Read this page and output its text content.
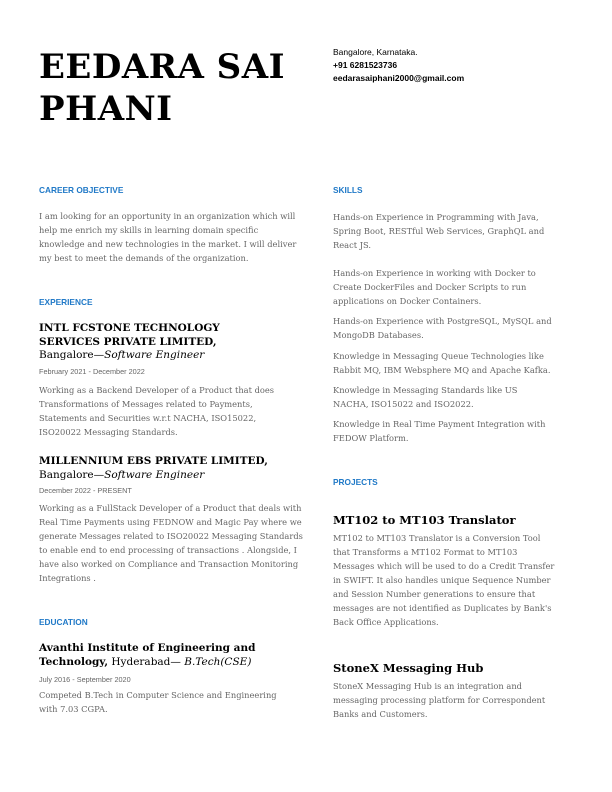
EEDARA SAI
PHANI
Bangalore, Karnataka.
+91 6281523736
eedarasaiphani2000@gmail.com
CAREER OBJECTIVE
I am looking for an opportunity in an organization which will help me enrich my skills in learning domain specific knowledge and new technologies in the market. I will deliver my best to meet the demands of the organization.
EXPERIENCE
INTL FCSTONE TECHNOLOGY SERVICES PRIVATE LIMITED, Bangalore—Software Engineer
February 2021 - December 2022
Working as a Backend Developer of a Product that does Transformations of Messages related to Payments, Statements and Securities w.r.t NACHA, ISO15022, ISO20022 Messaging Standards.
MILLENNIUM EBS PRIVATE LIMITED, Bangalore—Software Engineer
December 2022 - PRESENT
Working as a FullStack Developer of a Product that deals with Real Time Payments using FEDNOW and Magic Pay where we generate Messages related to ISO20022 Messaging Standards to enable end to end processing of transactions . Alongside, I have also worked on Compliance and Transaction Monitoring Integrations .
EDUCATION
Avanthi Institute of Engineering and Technology, Hyderabad— B.Tech(CSE)
July 2016 - September 2020
Competed B.Tech in Computer Science and Engineering with 7.03 CGPA.
SKILLS
Hands-on Experience in Programming with Java, Spring Boot, RESTful Web Services, GraphQL and React JS.
Hands-on Experience in working with Docker to Create DockerFiles and Docker Scripts to run applications on Docker Containers.
Hands-on Experience with PostgreSQL, MySQL and MongoDB Databases.
Knowledge in Messaging Queue Technologies like Rabbit MQ, IBM Websphere MQ and Apache Kafka.
Knowledge in Messaging Standards like US NACHA, ISO15022 and ISO2022.
Knowledge in Real Time Payment Integration with FEDOW Platform.
PROJECTS
MT102 to MT103 Translator
MT102 to MT103 Translator is a Conversion Tool that Transforms a MT102 Format to MT103 Messages which will be used to do a Credit Transfer in SWIFT. It also handles unique Sequence Number and Session Number generations to ensure that messages are not identified as Duplicates by Bank's Back Office Applications.
StoneX Messaging Hub
StoneX Messaging Hub is an integration and messaging processing platform for Correspondent Banks and Customers.
